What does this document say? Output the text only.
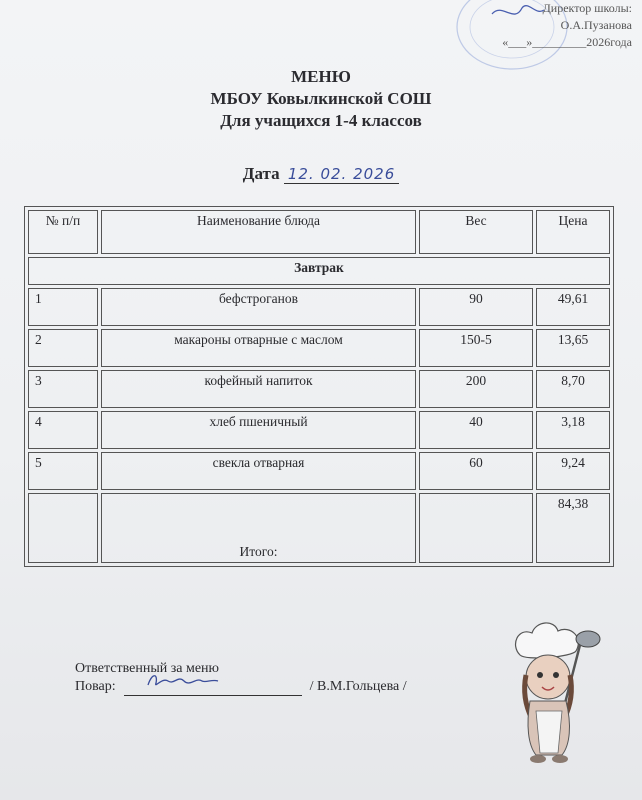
Директор школы:
О.А.Пузанова
«___»_________2026года
МЕНЮ
МБОУ Ковылкинской СОШ
Для учащихся 1-4 классов
Дата 12. 02. 2026
№ п/п	Наименование блюда	Вес	Цена
Завтрак			
1	бефстроганов	90	49,61
2	макароны отварные с маслом	150-5	13,65
3	кофейный напиток	200	8,70
4	хлеб пшеничный	40	3,18
5	свекла отварная	60	9,24
	Итого:		84,38
Ответственный за меню
Повар:	/ В.М.Гольцева /
